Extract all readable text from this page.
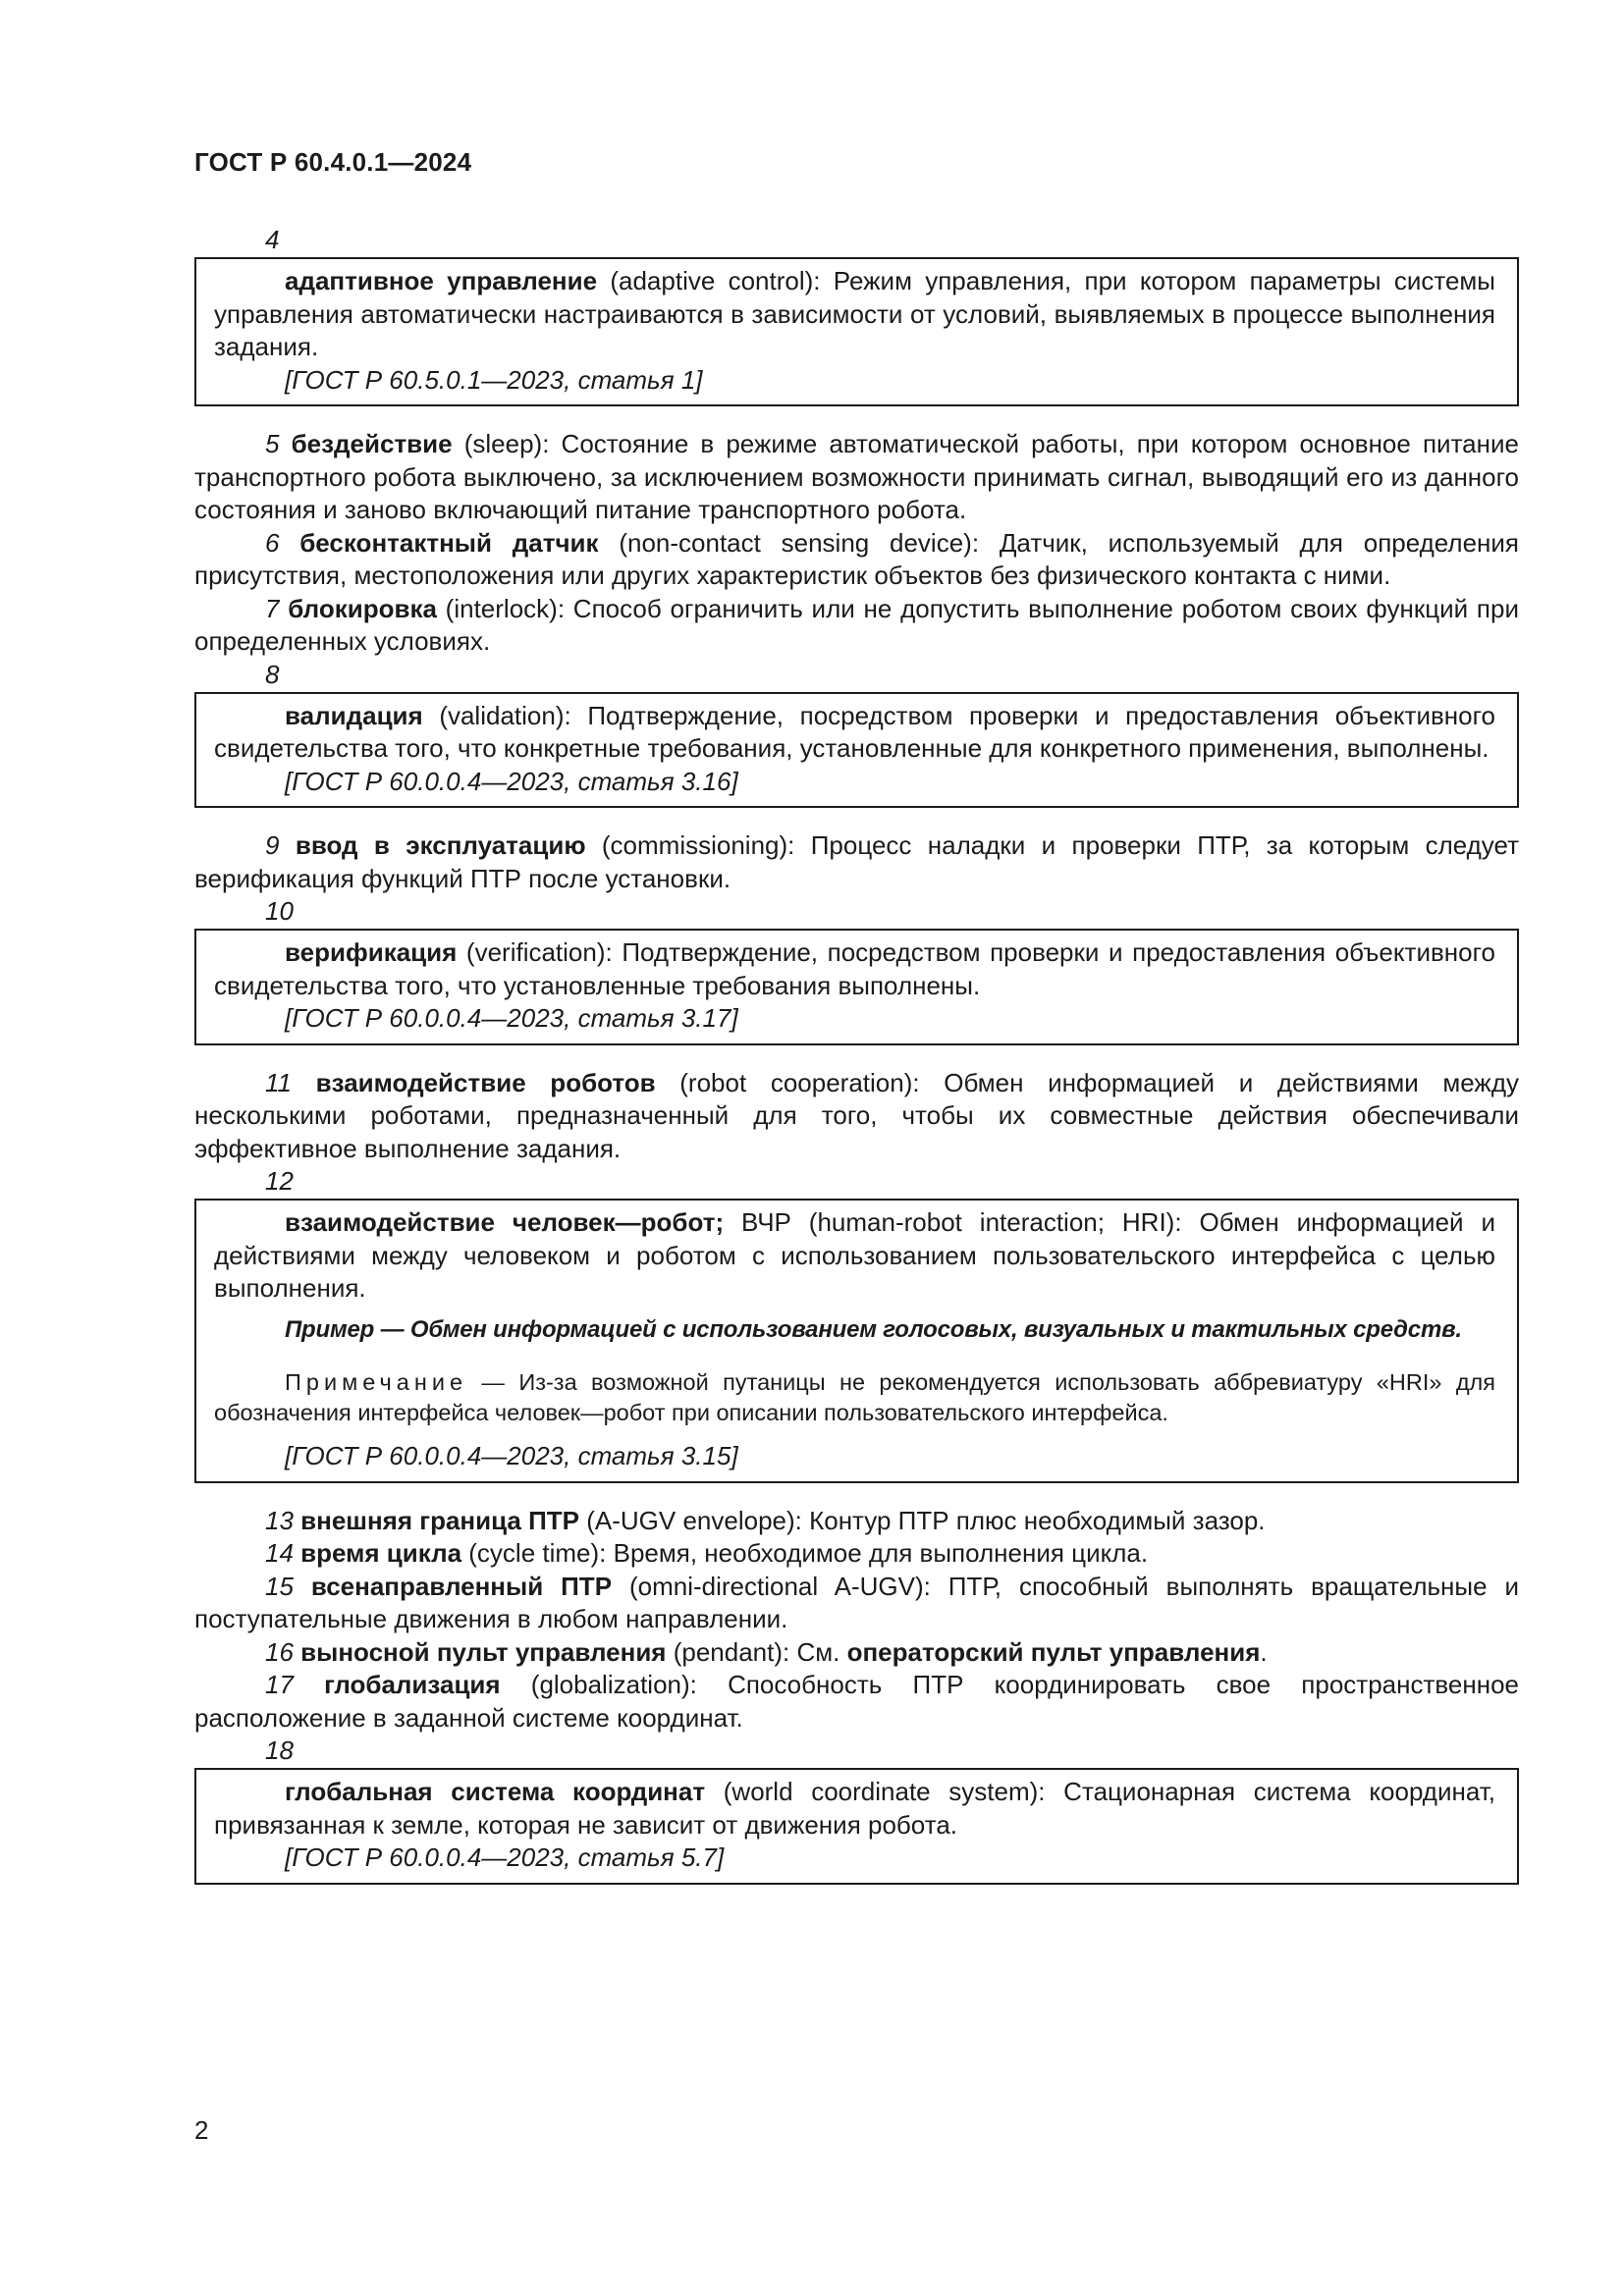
ГОСТ Р 60.4.0.1—2024
4

адаптивное управление (adaptive control): Режим управления, при котором параметры системы управления автоматически настраиваются в зависимости от условий, выявляемых в процессе выполнения задания.

[ГОСТ Р 60.5.0.1—2023, статья 1]

5 бездействие (sleep): Состояние в режиме автоматической работы, при котором основное питание транспортного робота выключено, за исключением возможности принимать сигнал, выводящий его из данного состояния и заново включающий питание транспортного робота.

6 бесконтактный датчик (non-contact sensing device): Датчик, используемый для определения присутствия, местоположения или других характеристик объектов без физического контакта с ними.

7 блокировка (interlock): Способ ограничить или не допустить выполнение роботом своих функций при определенных условиях.

8

валидация (validation): Подтверждение, посредством проверки и предоставления объективного свидетельства того, что конкретные требования, установленные для конкретного применения, выполнены.

[ГОСТ Р 60.0.0.4—2023, статья 3.16]

9 ввод в эксплуатацию (commissioning): Процесс наладки и проверки ПТР, за которым следует верификация функций ПТР после установки.

10

верификация (verification): Подтверждение, посредством проверки и предоставления объективного свидетельства того, что установленные требования выполнены.

[ГОСТ Р 60.0.0.4—2023, статья 3.17]

11 взаимодействие роботов (robot cooperation): Обмен информацией и действиями между несколькими роботами, предназначенный для того, чтобы их совместные действия обеспечивали эффективное выполнение задания.

12

взаимодействие человек—робот; ВЧР (human-robot interaction; HRI): Обмен информацией и действиями между человеком и роботом с использованием пользовательского интерфейса с целью выполнения.

Пример — Обмен информацией с использованием голосовых, визуальных и тактильных средств.

Примечание — Из-за возможной путаницы не рекомендуется использовать аббревиатуру «HRI» для обозначения интерфейса человек—робот при описании пользовательского интерфейса.

[ГОСТ Р 60.0.0.4—2023, статья 3.15]

13 внешняя граница ПТР (A-UGV envelope): Контур ПТР плюс необходимый зазор.

14 время цикла (cycle time): Время, необходимое для выполнения цикла.

15 всенаправленный ПТР (omni-directional A-UGV): ПТР, способный выполнять вращательные и поступательные движения в любом направлении.

16 выносной пульт управления (pendant): См. операторский пульт управления.

17 глобализация (globalization): Способность ПТР координировать свое пространственное расположение в заданной системе координат.

18

глобальная система координат (world coordinate system): Стационарная система координат, привязанная к земле, которая не зависит от движения робота.

[ГОСТ Р 60.0.0.4—2023, статья 5.7]

2
